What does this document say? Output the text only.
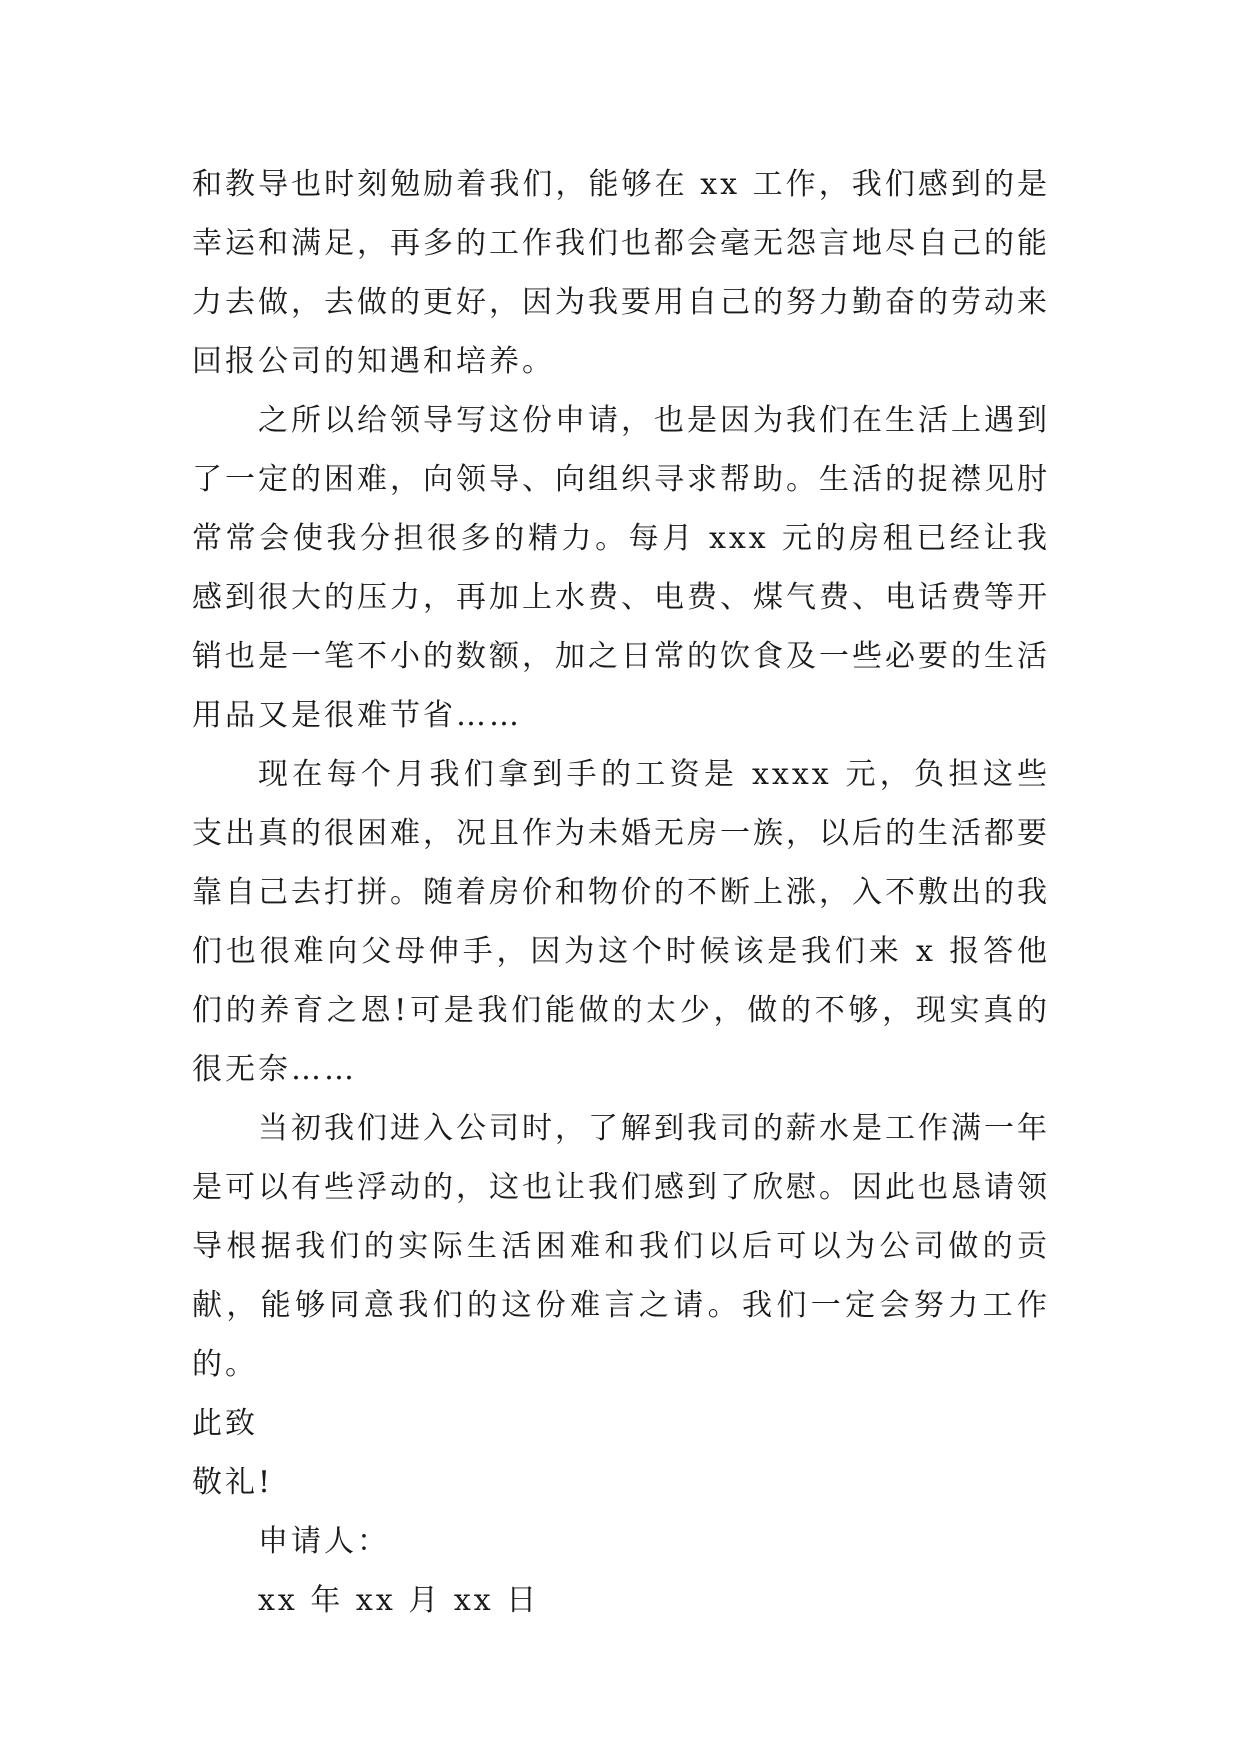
和教导也时刻勉励着我们，能够在 xx 工作，我们感到的是幸运和满足，再多的工作我们也都会毫无怨言地尽自己的能力去做，去做的更好，因为我要用自己的努力勤奋的劳动来回报公司的知遇和培养。

之所以给领导写这份申请，也是因为我们在生活上遇到了一定的困难，向领导、向组织寻求帮助。生活的捉襟见肘常常会使我分担很多的精力。每月 xxx 元的房租已经让我感到很大的压力，再加上水费、电费、煤气费、电话费等开销也是一笔不小的数额，加之日常的饮食及一些必要的生活用品又是很难节省……

现在每个月我们拿到手的工资是 xxxx 元，负担这些支出真的很困难，况且作为未婚无房一族，以后的生活都要靠自己去打拼。随着房价和物价的不断上涨，入不敷出的我们也很难向父母伸手，因为这个时候该是我们来 x 报答他们的养育之恩!可是我们能做的太少，做的不够，现实真的很无奈……

当初我们进入公司时，了解到我司的薪水是工作满一年是可以有些浮动的，这也让我们感到了欣慰。因此也恳请领导根据我们的实际生活困难和我们以后可以为公司做的贡献，能够同意我们的这份难言之请。我们一定会努力工作的。

此致

敬礼!

申请人：

xx 年 xx 月 xx 日
